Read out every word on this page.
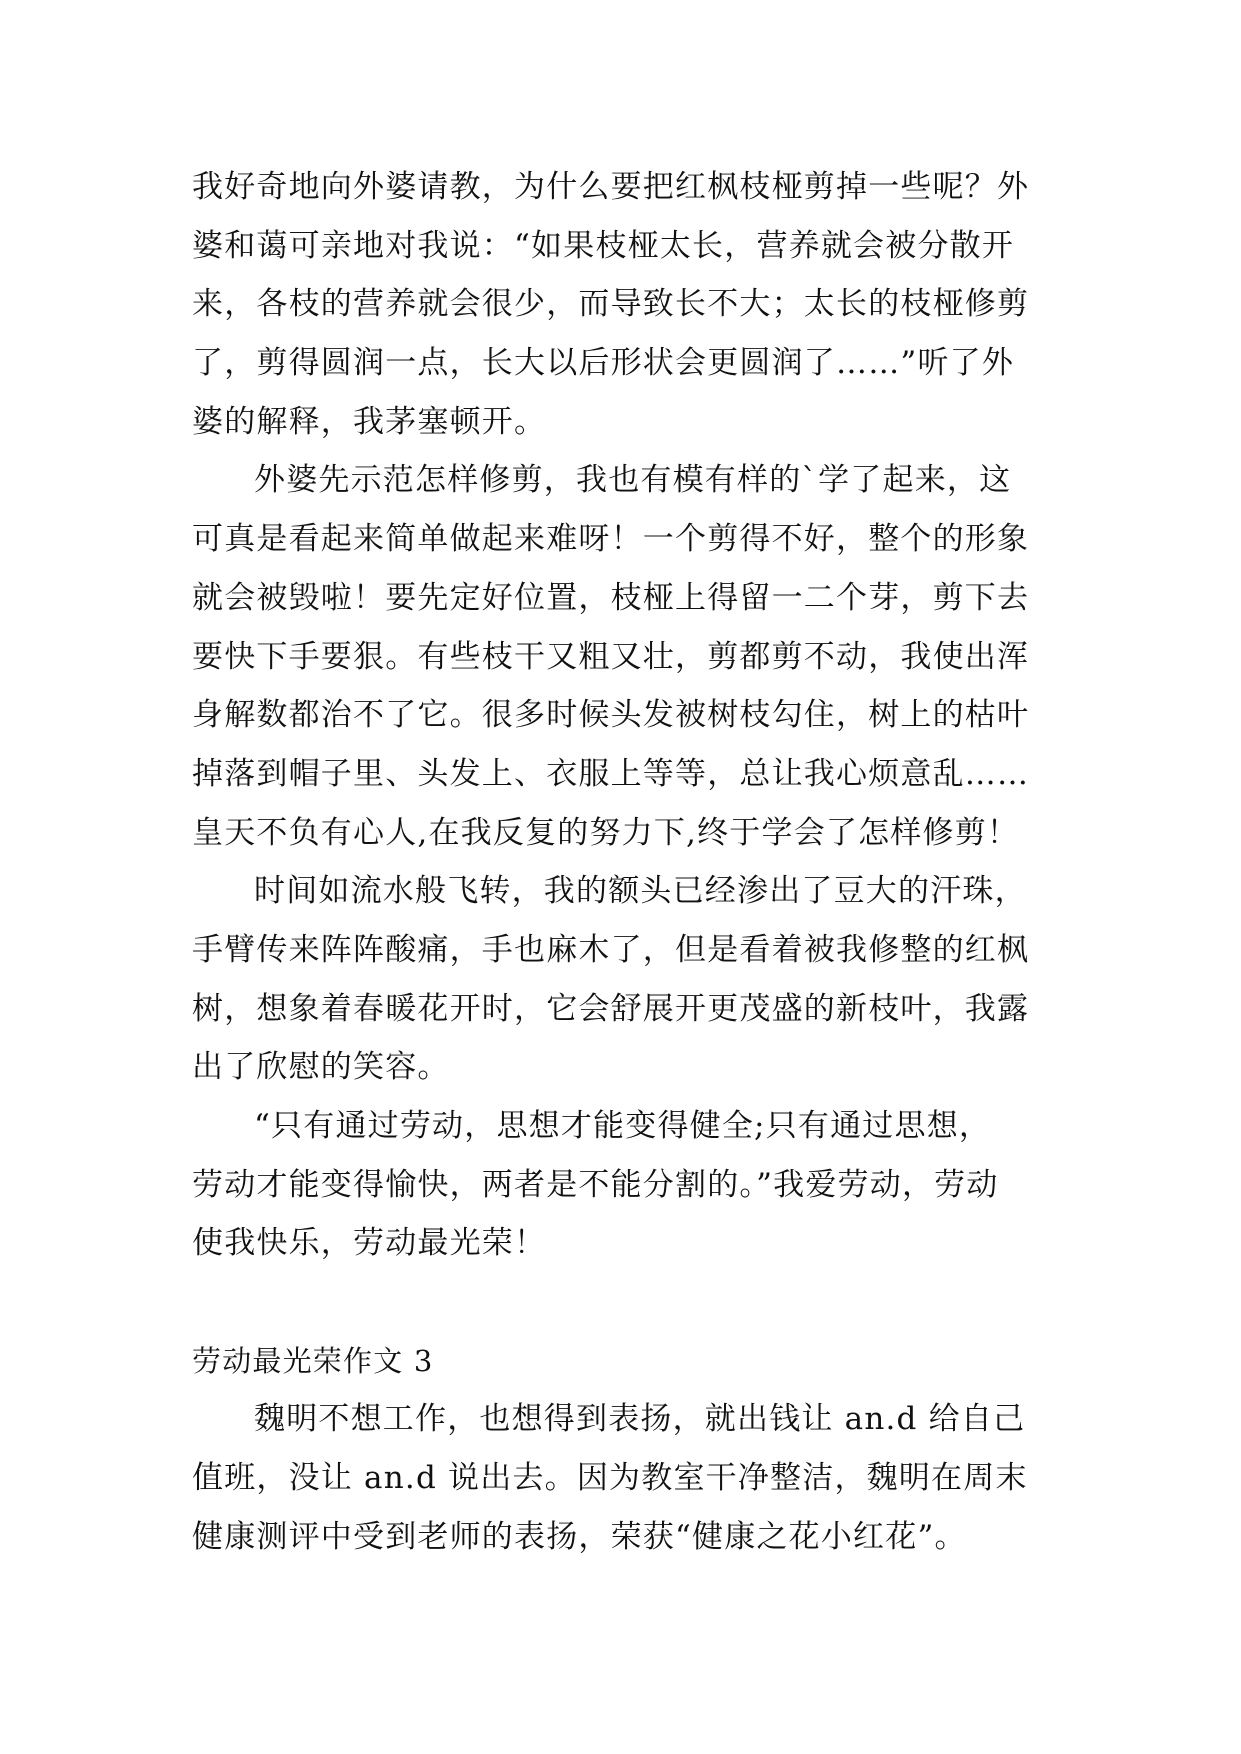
我好奇地向外婆请教，为什么要把红枫枝桠剪掉一些呢？外
婆和蔼可亲地对我说：“如果枝桠太长，营养就会被分散开
来，各枝的营养就会很少，而导致长不大；太长的枝桠修剪
了，剪得圆润一点，长大以后形状会更圆润了……”听了外
婆的解释，我茅塞顿开。
外婆先示范怎样修剪，我也有模有样的`学了起来，这
可真是看起来简单做起来难呀！一个剪得不好，整个的形象
就会被毁啦！要先定好位置，枝桠上得留一二个芽，剪下去
要快下手要狠。有些枝干又粗又壮，剪都剪不动，我使出浑
身解数都治不了它。很多时候头发被树枝勾住，树上的枯叶
掉落到帽子里、头发上、衣服上等等，总让我心烦意乱……
皇天不负有心人,在我反复的努力下,终于学会了怎样修剪！
时间如流水般飞转，我的额头已经渗出了豆大的汗珠，
手臂传来阵阵酸痛，手也麻木了，但是看着被我修整的红枫
树，想象着春暖花开时，它会舒展开更茂盛的新枝叶，我露
出了欣慰的笑容。
“只有通过劳动，思想才能变得健全;只有通过思想，
劳动才能变得愉快，两者是不能分割的。”我爱劳动，劳动
使我快乐，劳动最光荣！
劳动最光荣作文 3
魏明不想工作，也想得到表扬，就出钱让 an.d 给自己
值班，没让 an.d 说出去。因为教室干净整洁，魏明在周末
健康测评中受到老师的表扬，荣获“健康之花小红花”。
